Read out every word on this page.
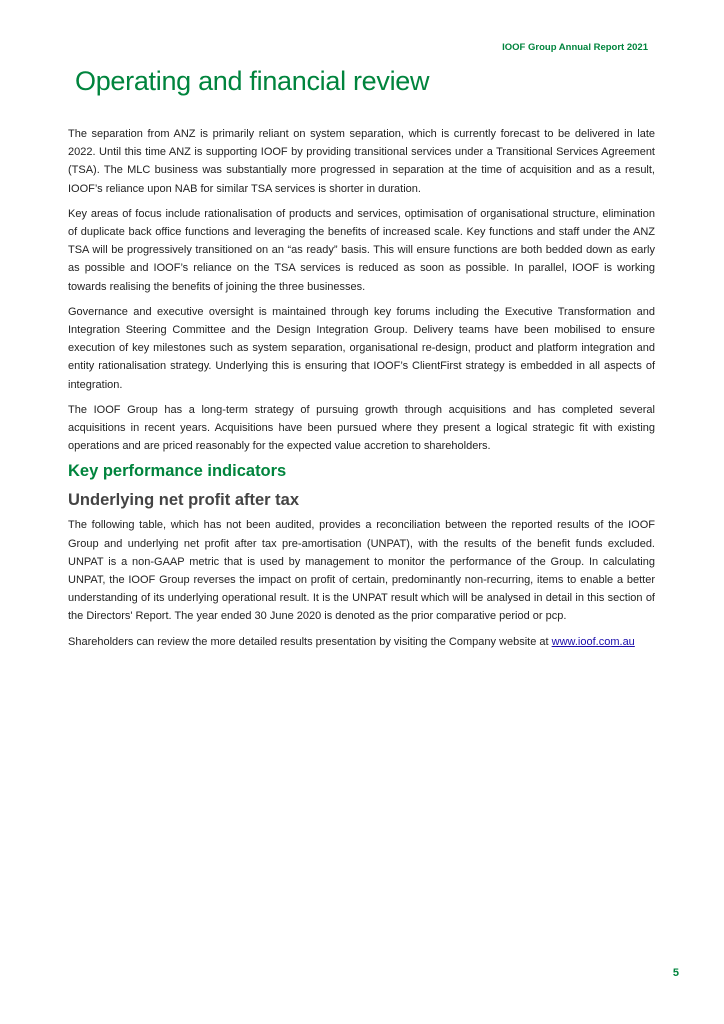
IOOF Group Annual Report 2021
Operating and financial review

The separation from ANZ is primarily reliant on system separation, which is currently forecast to be delivered in late 2022. Until this time ANZ is supporting IOOF by providing transitional services under a Transitional Services Agreement (TSA). The MLC business was substantially more progressed in separation at the time of acquisition and as a result, IOOF’s reliance upon NAB for similar TSA services is shorter in duration.

Key areas of focus include rationalisation of products and services, optimisation of organisational structure, elimination of duplicate back office functions and leveraging the benefits of increased scale. Key functions and staff under the ANZ TSA will be progressively transitioned on an “as ready” basis. This will ensure functions are both bedded down as early as possible and IOOF’s reliance on the TSA services is reduced as soon as possible. In parallel, IOOF is working towards realising the benefits of joining the three businesses.

Governance and executive oversight is maintained through key forums including the Executive Transformation and Integration Steering Committee and the Design Integration Group. Delivery teams have been mobilised to ensure execution of key milestones such as system separation, organisational re-design, product and platform integration and entity rationalisation strategy. Underlying this is ensuring that IOOF’s ClientFirst strategy is embedded in all aspects of integration.

The IOOF Group has a long-term strategy of pursuing growth through acquisitions and has completed several acquisitions in recent years. Acquisitions have been pursued where they present a logical strategic fit with existing operations and are priced reasonably for the expected value accretion to shareholders.

Key performance indicators
Underlying net profit after tax

The following table, which has not been audited, provides a reconciliation between the reported results of the IOOF Group and underlying net profit after tax pre-amortisation (UNPAT), with the results of the benefit funds excluded. UNPAT is a non-GAAP metric that is used by management to monitor the performance of the Group. In calculating UNPAT, the IOOF Group reverses the impact on profit of certain, predominantly non-recurring, items to enable a better understanding of its underlying operational result. It is the UNPAT result which will be analysed in detail in this section of the Directors' Report. The year ended 30 June 2020 is denoted as the prior comparative period or pcp.

Shareholders can review the more detailed results presentation by visiting the Company website at www.ioof.com.au

5
